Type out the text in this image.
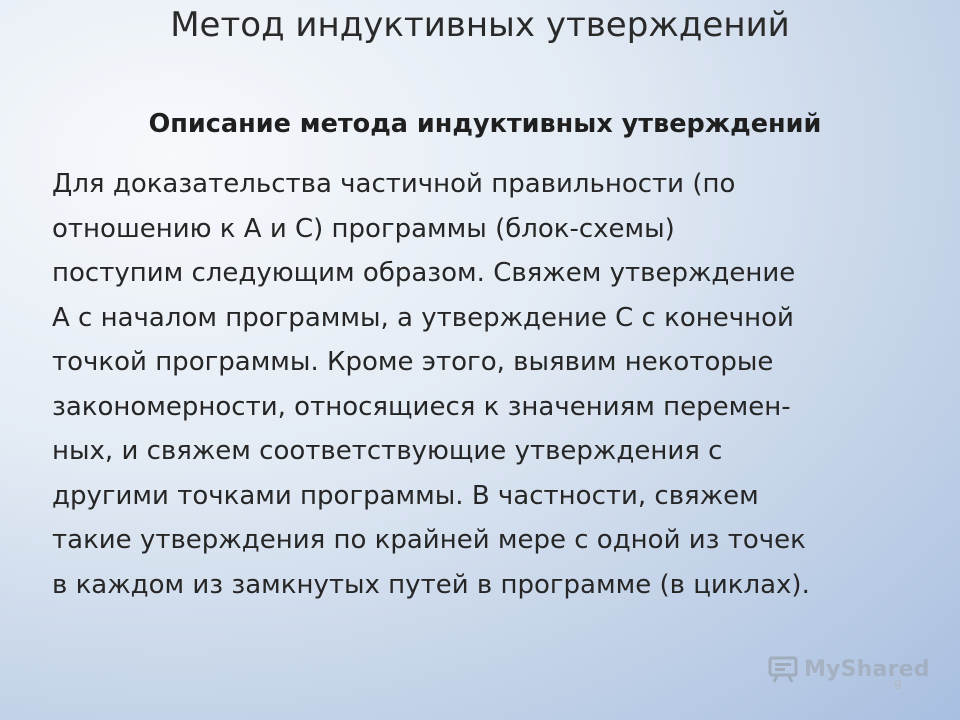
Метод индуктивных утверждений
Описание метода индуктивных утверждений
Для доказательства частичной правильности (по
отношению к А и С) программы (блок-схемы)
поступим следующим образом. Свяжем утверждение
А с началом программы, а утверждение С с конечной
точкой программы. Кроме этого, выявим некоторые
закономерности, относящиеся к значениям перемен-
ных, и свяжем соответствующие утверждения с
другими точками программы. В частности, свяжем
такие утверждения по крайней мере с одной из точек
в каждом из замкнутых путей в программе (в циклах).
MyShared
9
